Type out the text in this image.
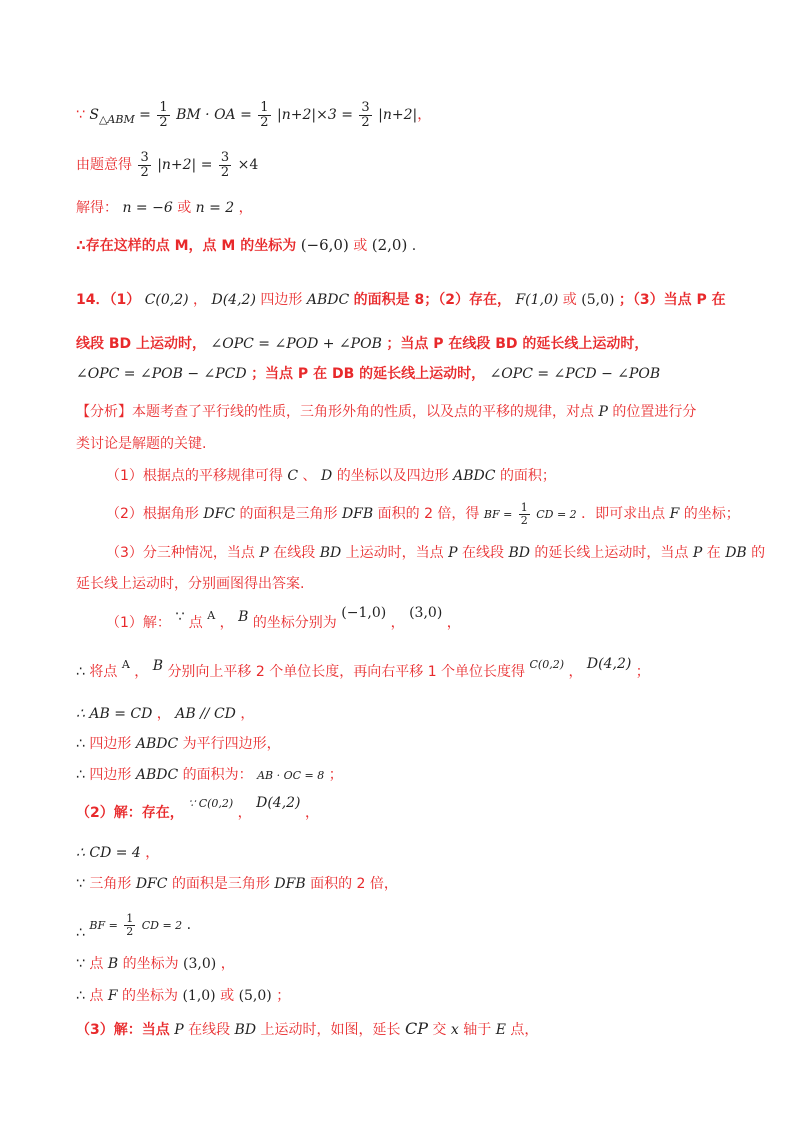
∵ $S_{\triangle ABM} = \frac{1}{2}$ BM · OA = $\frac{1}{2} |n+2|\times 3 = \frac{3}{2} |n+2|$，
由题意得 $\frac{3}{2} |n+2| = \frac{3}{2} \times 4$
解得： n = −6 或 n = 2 ，
∴存在这样的点 M，点 M 的坐标为 (−6,0) 或 (2,0) .
14．（1） C(0,2) ， D(4,2) 四边形 ABDC 的面积是 8；（2）存在， F(1,0) 或 (5,0) ；（3）当点 P 在
线段 BD 上运动时， ∠OPC = ∠POD + ∠POB ；当点 P 在线段 BD 的延长线上运动时，
∠OPC = ∠POB − ∠PCD ；当点 P 在 DB 的延长线上运动时， ∠OPC = ∠PCD − ∠POB
【分析】本题考查了平行线的性质，三角形外角的性质，以及点的平移的规律，对点 P 的位置进行分
类讨论是解题的关键.
（1）根据点的平移规律可得 C 、 D 的坐标以及四边形 ABDC 的面积；
（2）根据角形 DFC 的面积是三角形 DFB 面积的 2 倍，得 BF = $\frac{1}{2}$ CD = 2 ．即可求出点 F 的坐标；
（3）分三种情况，当点 P 在线段 BD 上运动时，当点 P 在线段 BD 的延长线上运动时，当点 P 在 DB 的
延长线上运动时，分别画图得出答案.
（1）解： ∵ 点 $^A$ ， B 的坐标分别为 (−1,0) ， (3,0) ，
∴ 将点 $^A$ ， B 分别向上平移 2 个单位长度，再向右平移 1 个单位长度得 $^{C(0,2)}$ ， D(4,2) ；
∴ AB = CD ， AB // CD ，
∴ 四边形 ABDC 为平行四边形，
∴ 四边形 ABDC 的面积为： AB · OC = 8 ；
（2）解：存在， $^{\because C(0,2)}$ ， D(4,2) ，
∴ CD = 4 ，
∵ 三角形 DFC 的面积是三角形 DFB 面积的 2 倍，
∴ BF = $\frac{1}{2}$ CD = 2 .
∵ 点 B 的坐标为 (3,0) ，
∴ 点 F 的坐标为 (1,0) 或 (5,0) ；
（3）解：当点 P 在线段 BD 上运动时，如图，延长 CP 交 x 轴于 E 点，
